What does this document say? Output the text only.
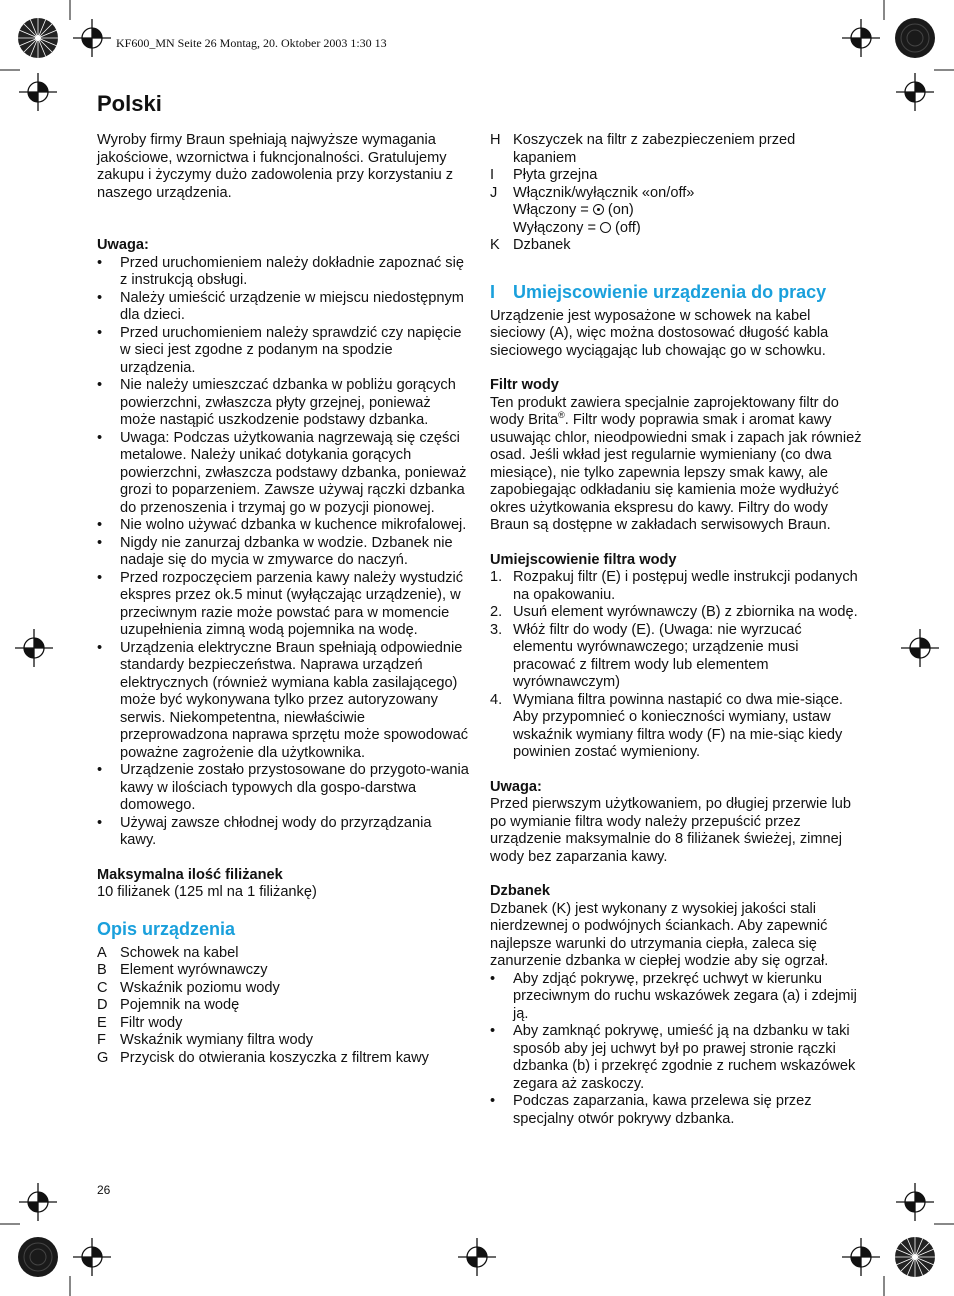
KF600_MN Seite 26 Montag, 20. Oktober 2003 1:30 13
Polski

Wyroby firmy Braun spełniają najwyższe wymagania jakościowe, wzornictwa i fukncjonalności. Gratulujemy zakupu i życzymy dużo zadowolenia przy korzystaniu z naszego urządzenia.

Uwaga:

• Przed uruchomieniem należy dokładnie zapoznać się z instrukcją obsługi.
• Należy umieścić urządzenie w miejscu niedostępnym dla dzieci.
• Przed uruchomieniem należy sprawdzić czy napięcie w sieci jest zgodne z podanym na spodzie urządzenia.
• Nie należy umieszczać dzbanka w pobliżu gorących powierzchni, zwłaszcza płyty grzejnej, ponieważ może nastąpić uszkodzenie podstawy dzbanka.
• Uwaga: Podczas użytkowania nagrzewają się części metalowe. Należy unikać dotykania gorących powierzchni, zwłaszcza podstawy dzbanka, ponieważ grozi to poparzeniem. Zawsze używaj rączki dzbanka do przenoszenia i trzymaj go w pozycji pionowej.
• Nie wolno używać dzbanka w kuchence mikrofalowej.
• Nigdy nie zanurzaj dzbanka w wodzie. Dzbanek nie nadaje się do mycia w zmywarce do naczyń.
• Przed rozpoczęciem parzenia kawy należy wystudzić ekspres przez ok.5 minut (wyłączając urządzenie), w przeciwnym razie może powstać para w momencie uzupełnienia zimną wodą pojemnika na wodę.
• Urządzenia elektryczne Braun spełniają odpowiednie standardy bezpieczeństwa. Naprawa urządzeń elektrycznych (również wymiana kabla zasilającego) może być wykonywana tylko przez autoryzowany serwis. Niekompetentna, niewłaściwie przeprowadzona naprawa sprzętu może spowodować poważne zagrożenie dla użytkownika.
• Urządzenie zostało przystosowane do przygoto-wania kawy w ilościach typowych dla gospo-darstwa domowego.
• Używaj zawsze chłodnej wody do przyrządzania kawy.

Maksymalna ilość filiżanek

10 filiżanek (125 ml na 1 filiżankę)

Opis urządzenia
A Schowek na kabel
B Element wyrównawczy
C Wskaźnik poziomu wody
D Pojemnik na wodę
E Filtr wody
F Wskaźnik wymiany filtra wody
G Przycisk do otwierania koszyczka z filtrem kawy
H Koszyczek na filtr z zabezpieczeniem przed kapaniem
I Płyta grzejna
J Włącznik/wyłącznik «on/off»
Włączony = (on)
Wyłączony = (off)
K Dzbanek
I Umiejscowienie urządzenia do pracy

Urządzenie jest wyposażone w schowek na kabel sieciowy (A), więc można dostosować długość kabla sieciowego wyciągając lub chowając go w schowku.

Filtr wody

Ten produkt zawiera specjalnie zaprojektowany filtr do wody Brita®. Filtr wody poprawia smak i aromat kawy usuwając chlor, nieodpowiedni smak i zapach jak również osad. Jeśli wkład jest regularnie wymieniany (co dwa miesiące), nie tylko zapewnia lepszy smak kawy, ale zapobiegając odkładaniu się kamienia może wydłużyć okres użytkowania ekspresu do kawy. Filtry do wody Braun są dostępne w zakładach serwisowych Braun.

Umiejscowienie filtra wody

1. Rozpakuj filtr (E) i postępuj wedle instrukcji podanych na opakowaniu.
2. Usuń element wyrównawczy (B) z zbiornika na wodę.
3. Włóż filtr do wody (E). (Uwaga: nie wyrzucać elementu wyrównawczego; urządzenie musi pracować z filtrem wody lub elementem wyrównawczym)
4. Wymiana filtra powinna nastapić co dwa mie-siące. Aby przypomnieć o konieczności wymiany, ustaw wskaźnik wymiany filtra wody (F) na mie-siąc kiedy powinien zostać wymieniony.

Uwaga:

Przed pierwszym użytkowaniem, po długiej przerwie lub po wymianie filtra wody należy przepuścić przez urządzenie maksymalnie do 8 filiżanek świeżej, zimnej wody bez zaparzania kawy.

Dzbanek

Dzbanek (K) jest wykonany z wysokiej jakości stali nierdzewnej o podwójnych ściankach. Aby zapewnić najlepsze warunki do utrzymania ciepła, zaleca się zanurzenie dzbanka w ciepłej wodzie aby się ogrzał.

• Aby zdjąć pokrywę, przekręć uchwyt w kierunku przeciwnym do ruchu wskazówek zegara (a) i zdejmij ją.
• Aby zamknąć pokrywę, umieść ją na dzbanku w taki sposób aby jej uchwyt był po prawej stronie rączki dzbanka (b) i przekręć zgodnie z ruchem wskazówek zegara aż zaskoczy.
• Podczas zaparzania, kawa przelewa się przez specjalny otwór pokrywy dzbanka.
26
